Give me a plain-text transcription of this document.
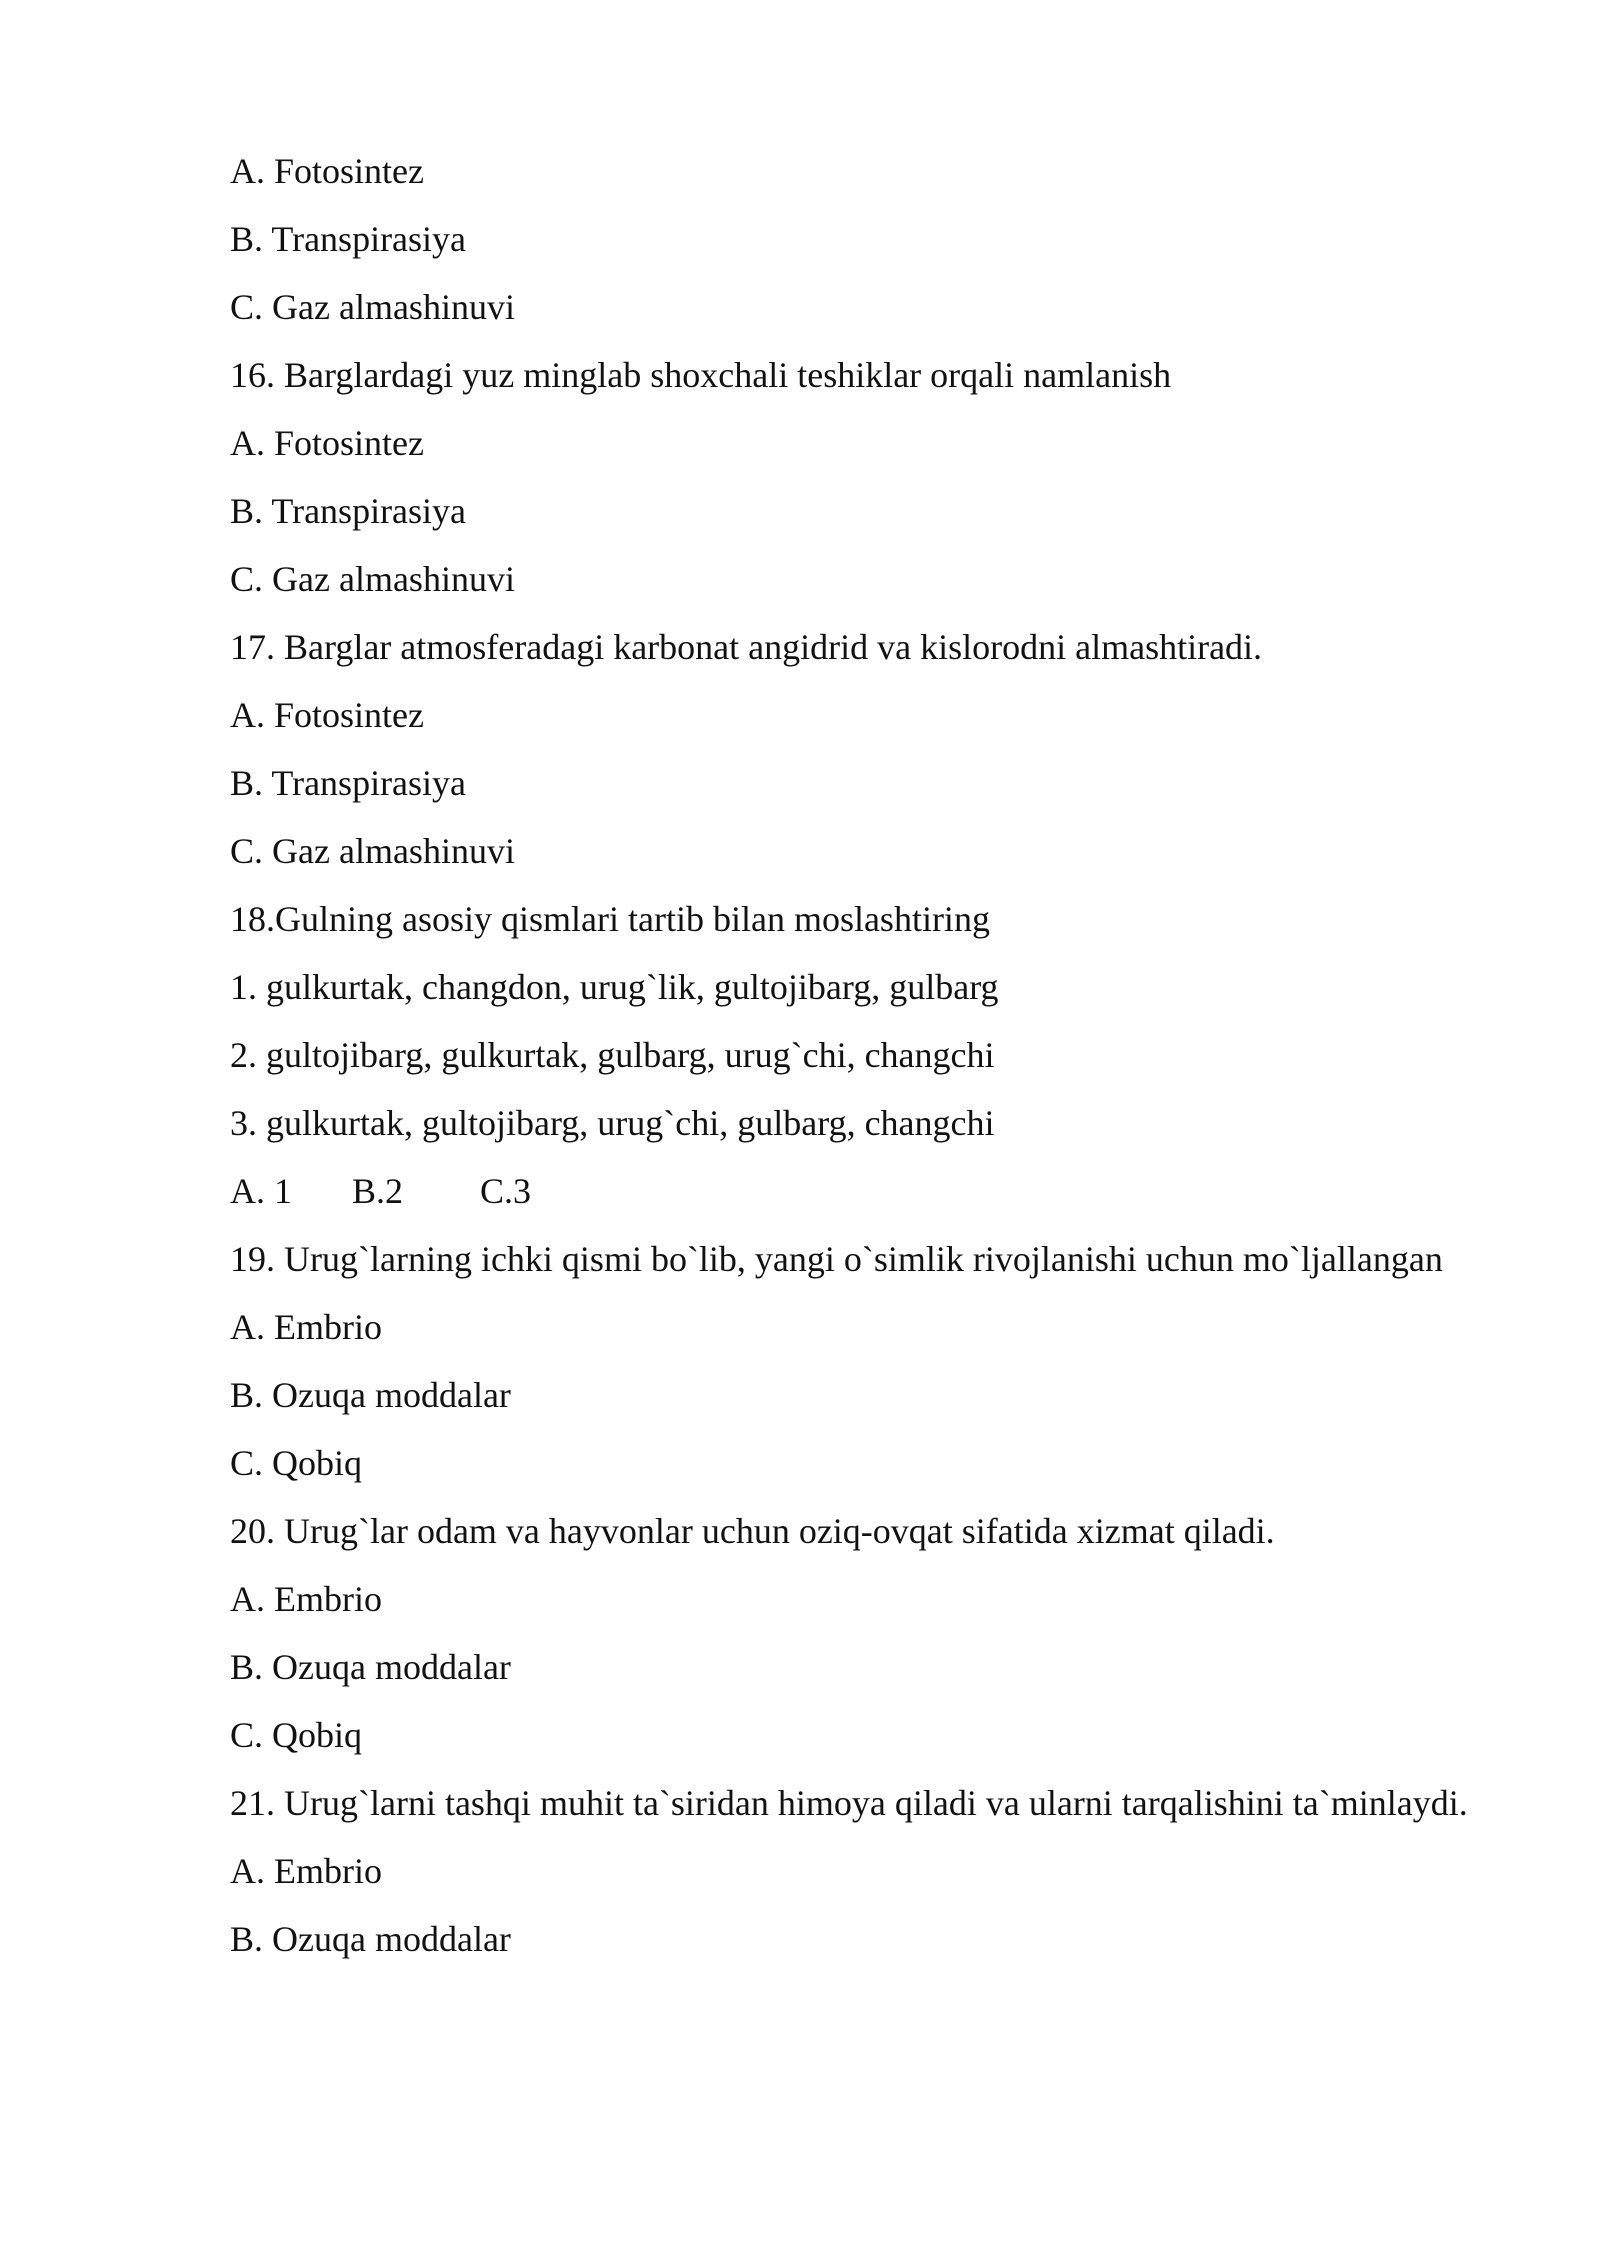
A. Fotosintez
B. Transpirasiya
C. Gaz almashinuvi
16. Barglardagi yuz minglab shoxchali teshiklar orqali namlanish
A. Fotosintez
B. Transpirasiya
C. Gaz almashinuvi
17. Barglar atmosferadagi karbonat angidrid va kislorodni almashtiradi.
A. Fotosintez
B. Transpirasiya
C. Gaz almashinuvi
18.Gulning asosiy qismlari tartib bilan moslashtiring
1. gulkurtak, changdon, urug`lik, gultojibarg, gulbarg
2. gultojibarg, gulkurtak, gulbarg, urug`chi, changchi
3. gulkurtak, gultojibarg, urug`chi, gulbarg, changchi
A. 1 B.2 C.3
19. Urug`larning ichki qismi bo`lib, yangi o`simlik rivojlanishi uchun mo`ljallangan
A. Embrio
B. Ozuqa moddalar
C. Qobiq
20. Urug`lar odam va hayvonlar uchun oziq-ovqat sifatida xizmat qiladi.
A. Embrio
B. Ozuqa moddalar
C. Qobiq
21. Urug`larni tashqi muhit ta`siridan himoya qiladi va ularni tarqalishini ta`minlaydi.
A. Embrio
B. Ozuqa moddalar
